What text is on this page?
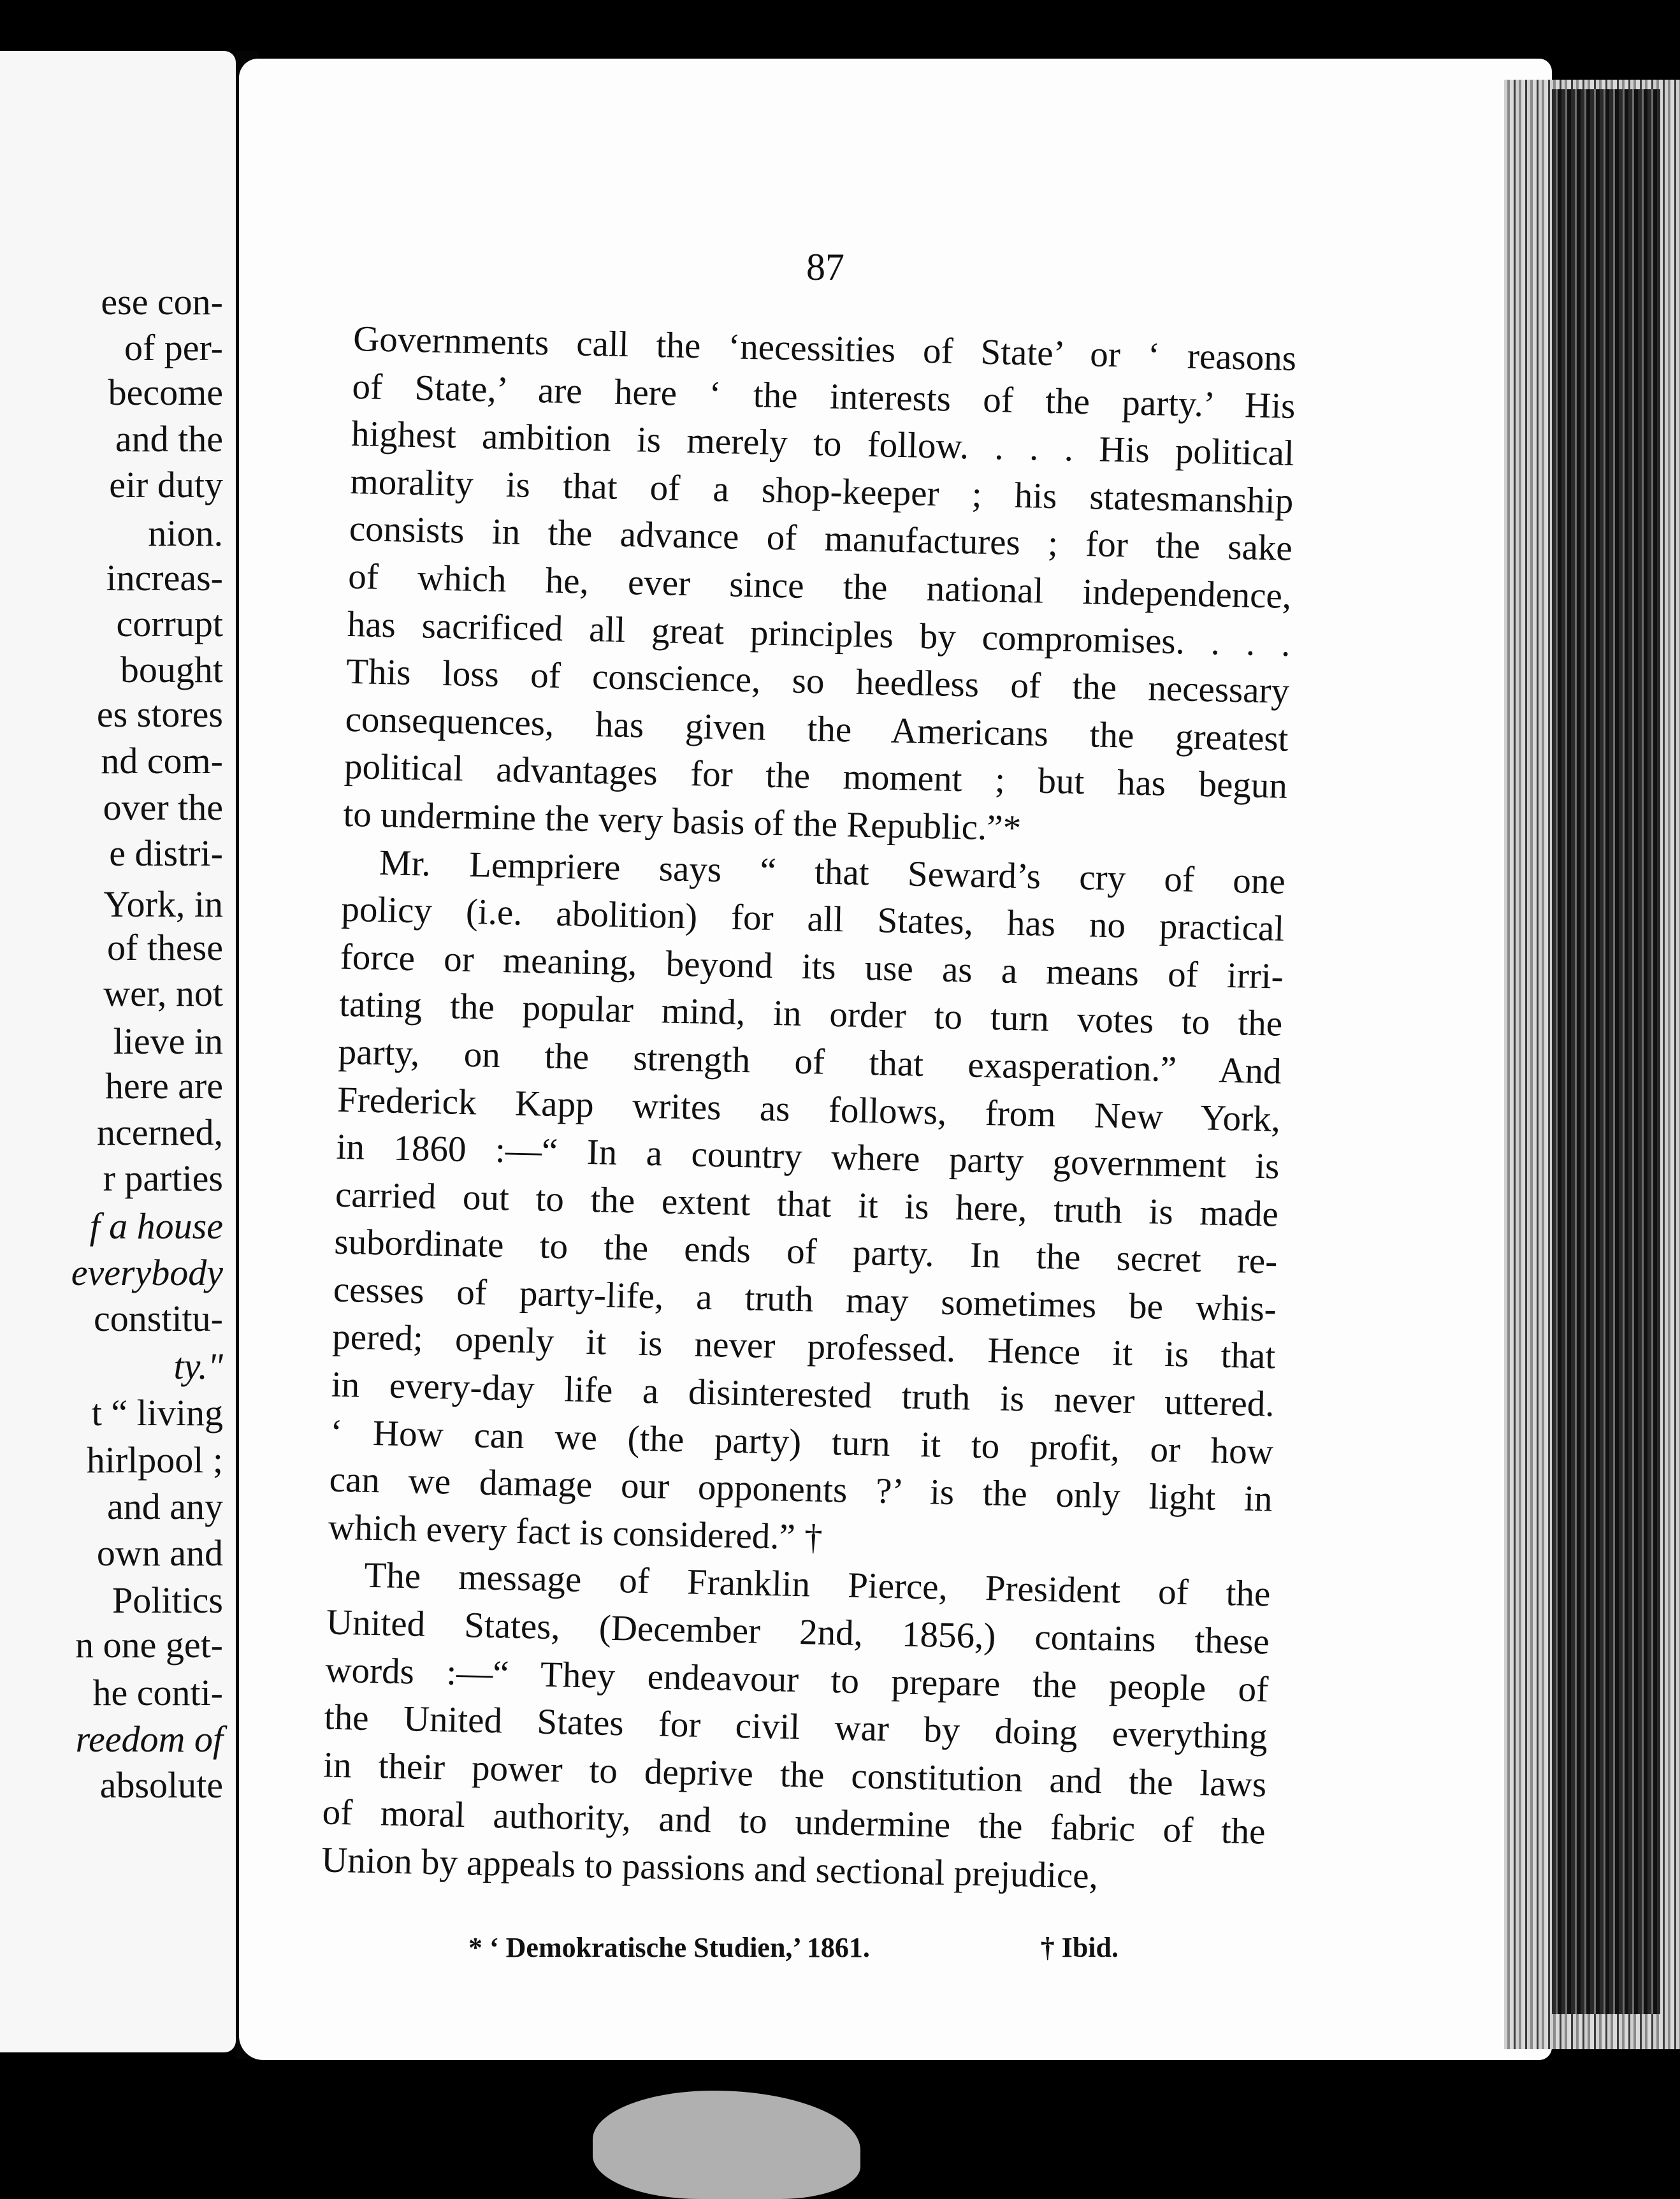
ese con-

of per-

become

and the

eir duty

nion.

increas-

corrupt

bought

es stores

nd com-

over the

e distri-

York, in

of these

wer, not

lieve in

here are

ncerned,

r parties

f a house

everybody

constitu-

ty."

t “ living

hirlpool ;

and any

own and

Politics

n one get-

he conti-

reedom of

absolute

87

Governments call the ‘necessities of State’ or ‘ reasons

of State,’ are here ‘ the interests of the party.’ His

highest ambition is merely to follow. . . . His political

morality is that of a shop-keeper ; his statesmanship

consists in the advance of manufactures ; for the sake

of which he, ever since the national independence,

has sacrificed all great principles by compromises. . . .

This loss of conscience, so heedless of the necessary

consequences, has given the Americans the greatest

political advantages for the moment ; but has begun

to undermine the very basis of the Republic.”*

Mr. Lempriere says “ that Seward’s cry of one

policy (i.e. abolition) for all States, has no practical

force or meaning, beyond its use as a means of irri-

tating the popular mind, in order to turn votes to the

party, on the strength of that exasperation.” And

Frederick Kapp writes as follows, from New York,

in 1860 :—“ In a country where party government is

carried out to the extent that it is here, truth is made

subordinate to the ends of party. In the secret re-

cesses of party-life, a truth may sometimes be whis-

pered; openly it is never professed. Hence it is that

in every-day life a disinterested truth is never uttered.

‘ How can we (the party) turn it to profit, or how

can we damage our opponents ?’ is the only light in

which every fact is considered.” †

The message of Franklin Pierce, President of the

United States, (December 2nd, 1856,) contains these

words :—“ They endeavour to prepare the people of

the United States for civil war by doing everything

in their power to deprive the constitution and the laws

of moral authority, and to undermine the fabric of the

Union by appeals to passions and sectional prejudice,

* ‘ Demokratische Studien,’ 1861.	† Ibid.
